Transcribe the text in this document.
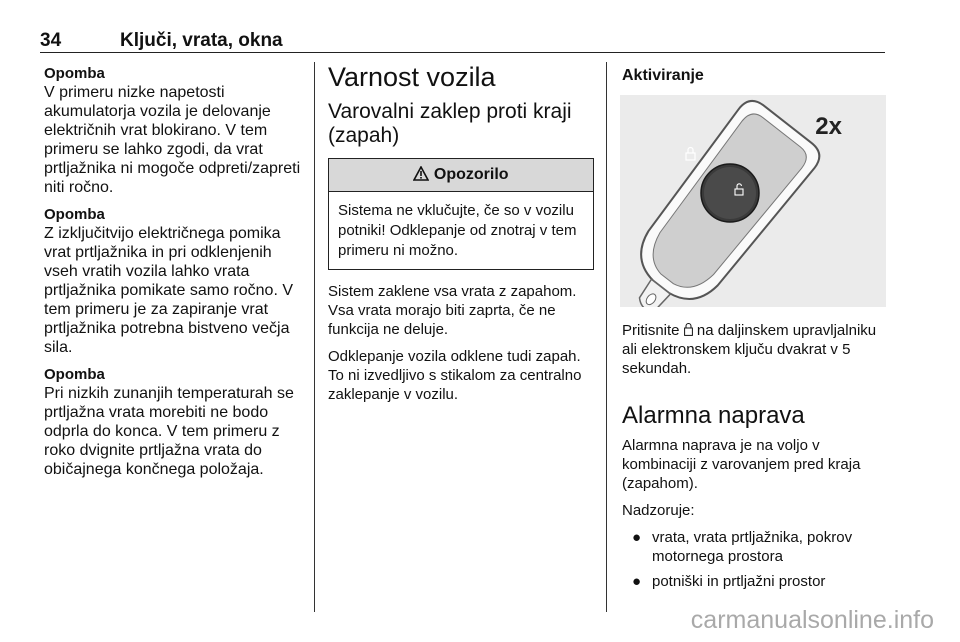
34	Ključi, vrata, okna
Opomba
V primeru nizke napetosti akumulatorja vozila je delovanje električnih vrat blokirano. V tem primeru se lahko zgodi, da vrat prtljažnika ni mogoče odpreti/zapreti niti ročno.
Opomba
Z izključitvijo električnega pomika vrat prtljažnika in pri odklenjenih vseh vratih vozila lahko vrata prtljažnika pomikate samo ročno. V tem primeru je za zapiranje vrat prtljažnika potrebna bistveno večja sila.
Opomba
Pri nizkih zunanjih temperaturah se prtljažna vrata morebiti ne bodo odprla do konca. V tem primeru z roko dvignite prtljažna vrata do običajnega končnega položaja.
Varnost vozila
Varovalni zaklep proti kraji (zapah)
Opozorilo
Sistema ne vklučujte, če so v vozilu potniki! Odklepanje od znotraj v tem primeru ni možno.
Sistem zaklene vsa vrata z zapahom. Vsa vrata morajo biti zaprta, če ne funkcija ne deluje.
Odklepanje vozila odklene tudi zapah. To ni izvedljivo s stikalom za centralno zaklepanje v vozilu.
Aktiviranje
2x
Pritisnite  na daljinskem upravljalniku ali elektronskem ključu dvakrat v 5 sekundah.
Alarmna naprava
Alarmna naprava je na voljo v kombinaciji z varovanjem pred kraja (zapahom).
Nadzoruje:
● vrata, vrata prtljažnika, pokrov motornega prostora
● potniški in prtljažni prostor
carmanualsonline.info
